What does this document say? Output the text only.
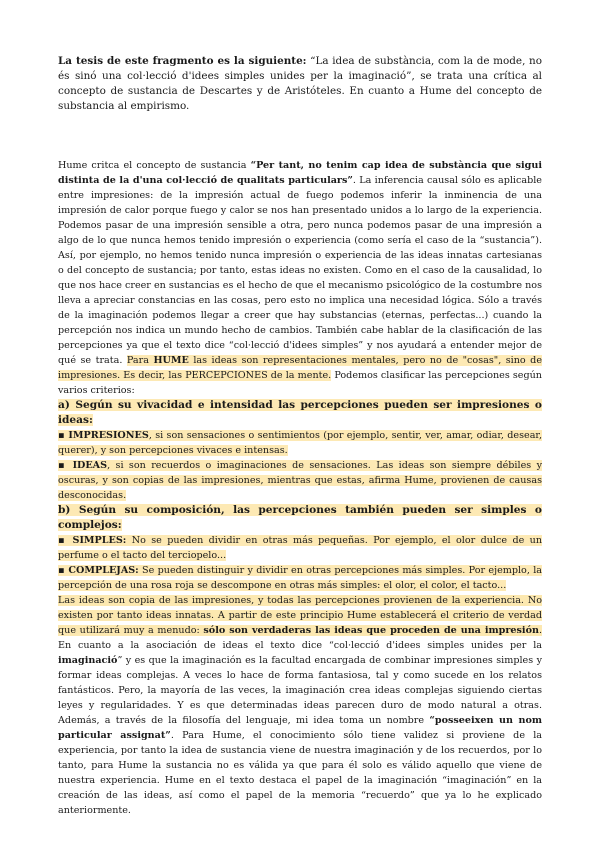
La tesis de este fragmento es la siguiente: “La idea de substància, com la de mode, no és sinó una col·lecció d'idees simples unides per la imaginació”, se trata una crítica al concepto de sustancia de Descartes y de Aristóteles. En cuanto a Hume del concepto de substancia al empirismo.

Hume critca el concepto de sustancia “Per tant, no tenim cap idea de substància que sigui distinta de la d'una col·lecció de qualitats particulars”. La inferencia causal sólo es aplicable entre impresiones: de la impresión actual de fuego podemos inferir la inminencia de una impresión de calor porque fuego y calor se nos han presentado unidos a lo largo de la experiencia. Podemos pasar de una impresión sensible a otra, pero nunca podemos pasar de una impresión a algo de lo que nunca hemos tenido impresión o experiencia (como sería el caso de la “sustancia”). Así, por ejemplo, no hemos tenido nunca impresión o experiencia de las ideas innatas cartesianas o del concepto de sustancia; por tanto, estas ideas no existen. Como en el caso de la causalidad, lo que nos hace creer en sustancias es el hecho de que el mecanismo psicológico de la costumbre nos lleva a apreciar constancias en las cosas, pero esto no implica una necesidad lógica. Sólo a través de la imaginación podemos llegar a creer que hay substancias (eternas, perfectas...) cuando la percepción nos indica un mundo hecho de cambios. También cabe hablar de la clasificación de las percepciones ya que el texto dice “col·lecció d'idees simples” y nos ayudará a entender mejor de qué se trata. Para HUME las ideas son representaciones mentales, pero no de "cosas", sino de impresiones. Es decir, las PERCEPCIONES de la mente. Podemos clasificar las percepciones según varios criterios:

a) Según su vivacidad e intensidad las percepciones pueden ser impresiones o ideas:

▪ IMPRESIONES, si son sensaciones o sentimientos (por ejemplo, sentir, ver, amar, odiar, desear, querer), y son percepciones vivaces e intensas.

▪ IDEAS, si son recuerdos o imaginaciones de sensaciones. Las ideas son siempre débiles y oscuras, y son copias de las impresiones, mientras que estas, afirma Hume, provienen de causas desconocidas.

b) Según su composición, las percepciones también pueden ser simples o complejos:

▪ SIMPLES: No se pueden dividir en otras más pequeñas. Por ejemplo, el olor dulce de un perfume o el tacto del terciopelo...

▪ COMPLEJAS: Se pueden distinguir y dividir en otras percepciones más simples. Por ejemplo, la percepción de una rosa roja se descompone en otras más simples: el olor, el color, el tacto...

Las ideas son copia de las impresiones, y todas las percepciones provienen de la experiencia. No existen por tanto ideas innatas. A partir de este principio Hume establecerá el criterio de verdad que utilizará muy a menudo: sólo son verdaderas las ideas que proceden de una impresión. En cuanto a la asociación de ideas el texto dice “col·lecció d'idees simples unides per la imaginació” y es que la imaginación es la facultad encargada de combinar impresiones simples y formar ideas complejas. A veces lo hace de forma fantasiosa, tal y como sucede en los relatos fantásticos. Pero, la mayoría de las veces, la imaginación crea ideas complejas siguiendo ciertas leyes y regularidades. Y es que determinadas ideas parecen duro de modo natural a otras. Además, a través de la filosofía del lenguaje, mi idea toma un nombre “posseeixen un nom particular assignat”. Para Hume, el conocimiento sólo tiene validez si proviene de la experiencia, por tanto la idea de sustancia viene de nuestra imaginación y de los recuerdos, por lo tanto, para Hume la sustancia no es válida ya que para él solo es válido aquello que viene de nuestra experiencia. Hume en el texto destaca el papel de la imaginación “imaginación” en la creación de las ideas, así como el papel de la memoria “recuerdo” que ya lo he explicado anteriormente.
